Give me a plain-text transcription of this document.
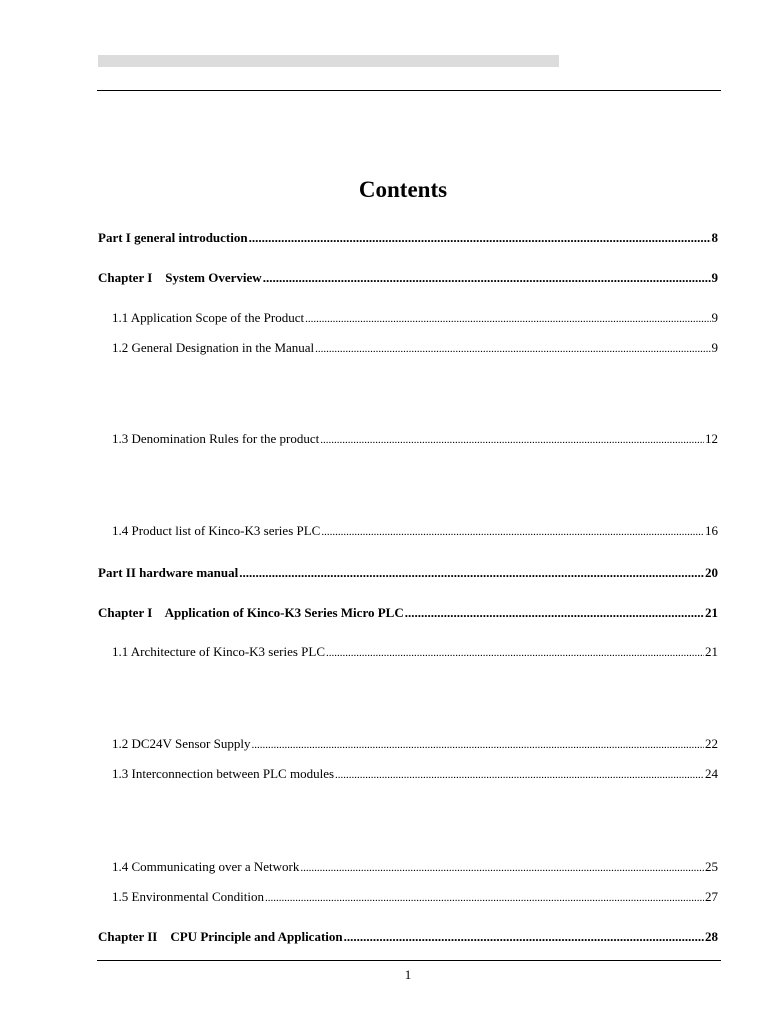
Contents
Part I general introduction .....	8
Chapter I    System Overview .....	9
1.1 Application Scope of the Product .....	9
1.2 General Designation in the Manual .....	9
1.3 Denomination Rules for the product .....	12
1.4 Product list of Kinco-K3 series PLC .....	16
Part II hardware manual .....	20
Chapter I    Application of Kinco-K3 Series Micro PLC .....	21
1.1 Architecture of Kinco-K3 series PLC .....	21
1.2 DC24V Sensor Supply .....	22
1.3 Interconnection between PLC modules .....	24
1.4 Communicating over a Network .....	25
1.5 Environmental Condition .....	27
Chapter II    CPU Principle and Application .....	28
1
